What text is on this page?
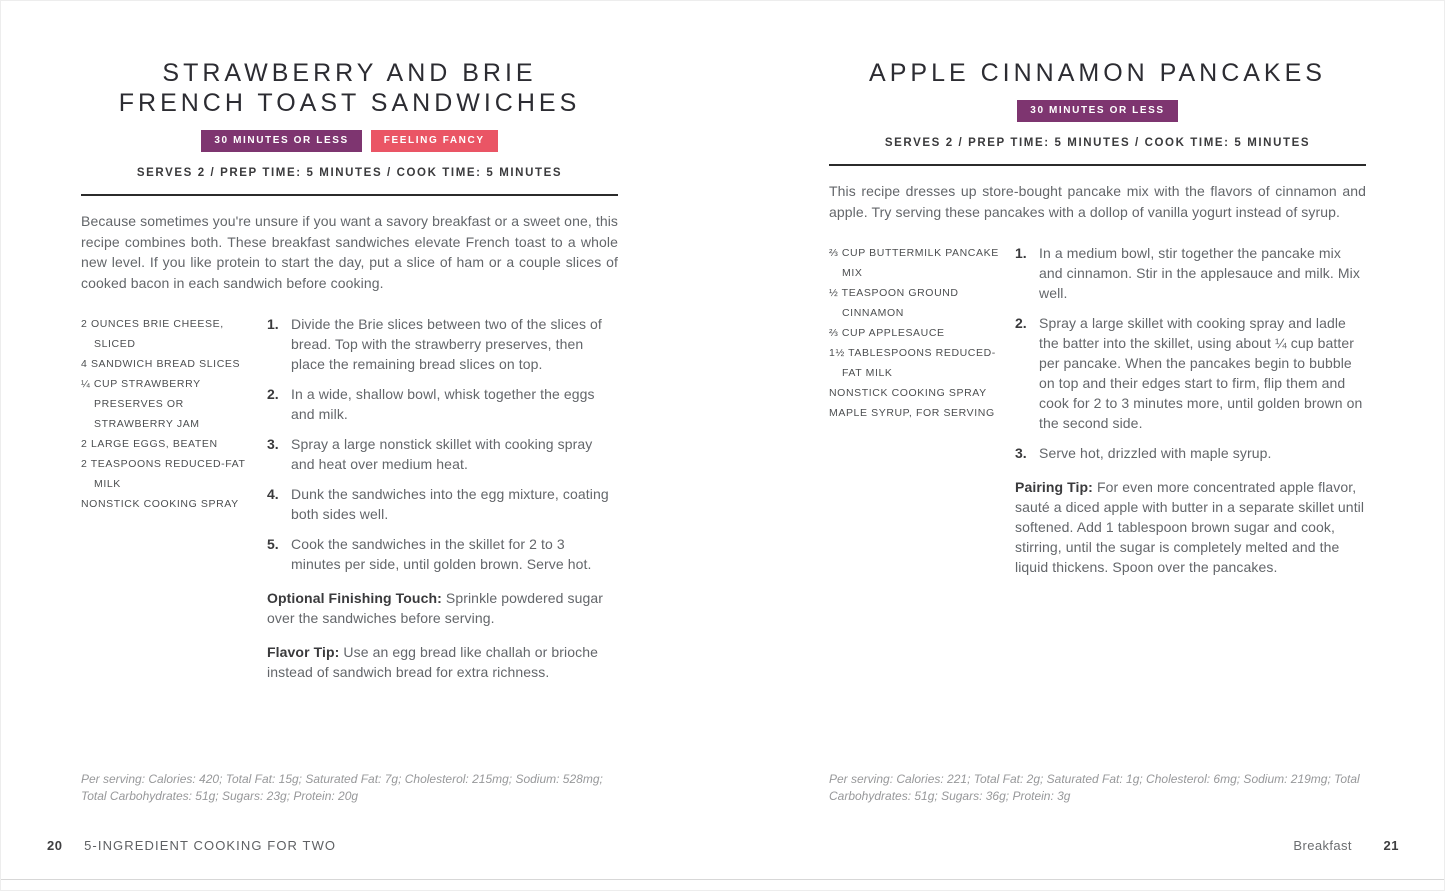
STRAWBERRY AND BRIE
FRENCH TOAST SANDWICHES
30 MINUTES OR LESS	FEELING FANCY
SERVES 2 / PREP TIME: 5 MINUTES / COOK TIME: 5 MINUTES

Because sometimes you're unsure if you want a savory breakfast or a sweet one, this recipe combines both. These breakfast sandwiches elevate French toast to a whole new level. If you like protein to start the day, put a slice of ham or a couple slices of cooked bacon in each sandwich before cooking.

2 OUNCES BRIE CHEESE, SLICED
4 SANDWICH BREAD SLICES
¼ CUP STRAWBERRY PRESERVES OR STRAWBERRY JAM
2 LARGE EGGS, BEATEN
2 TEASPOONS REDUCED-FAT MILK
NONSTICK COOKING SPRAY
1. Divide the Brie slices between two of the slices of bread. Top with the strawberry preserves, then place the remaining bread slices on top.
2. In a wide, shallow bowl, whisk together the eggs and milk.
3. Spray a large nonstick skillet with cooking spray and heat over medium heat.
4. Dunk the sandwiches into the egg mixture, coating both sides well.
5. Cook the sandwiches in the skillet for 2 to 3 minutes per side, until golden brown. Serve hot.

Optional Finishing Touch: Sprinkle powdered sugar over the sandwiches before serving.

Flavor Tip: Use an egg bread like challah or brioche instead of sandwich bread for extra richness.

Per serving: Calories: 420; Total Fat: 15g; Saturated Fat: 7g; Cholesterol: 215mg; Sodium: 528mg; Total Carbohydrates: 51g; Sugars: 23g; Protein: 20g

APPLE CINNAMON PANCAKES
30 MINUTES OR LESS
SERVES 2 / PREP TIME: 5 MINUTES / COOK TIME: 5 MINUTES

This recipe dresses up store-bought pancake mix with the flavors of cinnamon and apple. Try serving these pancakes with a dollop of vanilla yogurt instead of syrup.

⅔ CUP BUTTERMILK PANCAKE MIX
½ TEASPOON GROUND CINNAMON
⅔ CUP APPLESAUCE
1½ TABLESPOONS REDUCED-FAT MILK
NONSTICK COOKING SPRAY
MAPLE SYRUP, FOR SERVING
1. In a medium bowl, stir together the pancake mix and cinnamon. Stir in the applesauce and milk. Mix well.
2. Spray a large skillet with cooking spray and ladle the batter into the skillet, using about ¼ cup batter per pancake. When the pancakes begin to bubble on top and their edges start to firm, flip them and cook for 2 to 3 minutes more, until golden brown on the second side.
3. Serve hot, drizzled with maple syrup.

Pairing Tip: For even more concentrated apple flavor, sauté a diced apple with butter in a separate skillet until softened. Add 1 tablespoon brown sugar and cook, stirring, until the sugar is completely melted and the liquid thickens. Spoon over the pancakes.

Per serving: Calories: 221; Total Fat: 2g; Saturated Fat: 1g; Cholesterol: 6mg; Sodium: 219mg; Total Carbohydrates: 51g; Sugars: 36g; Protein: 3g

20 5-INGREDIENT COOKING FOR TWO	Breakfast 21
